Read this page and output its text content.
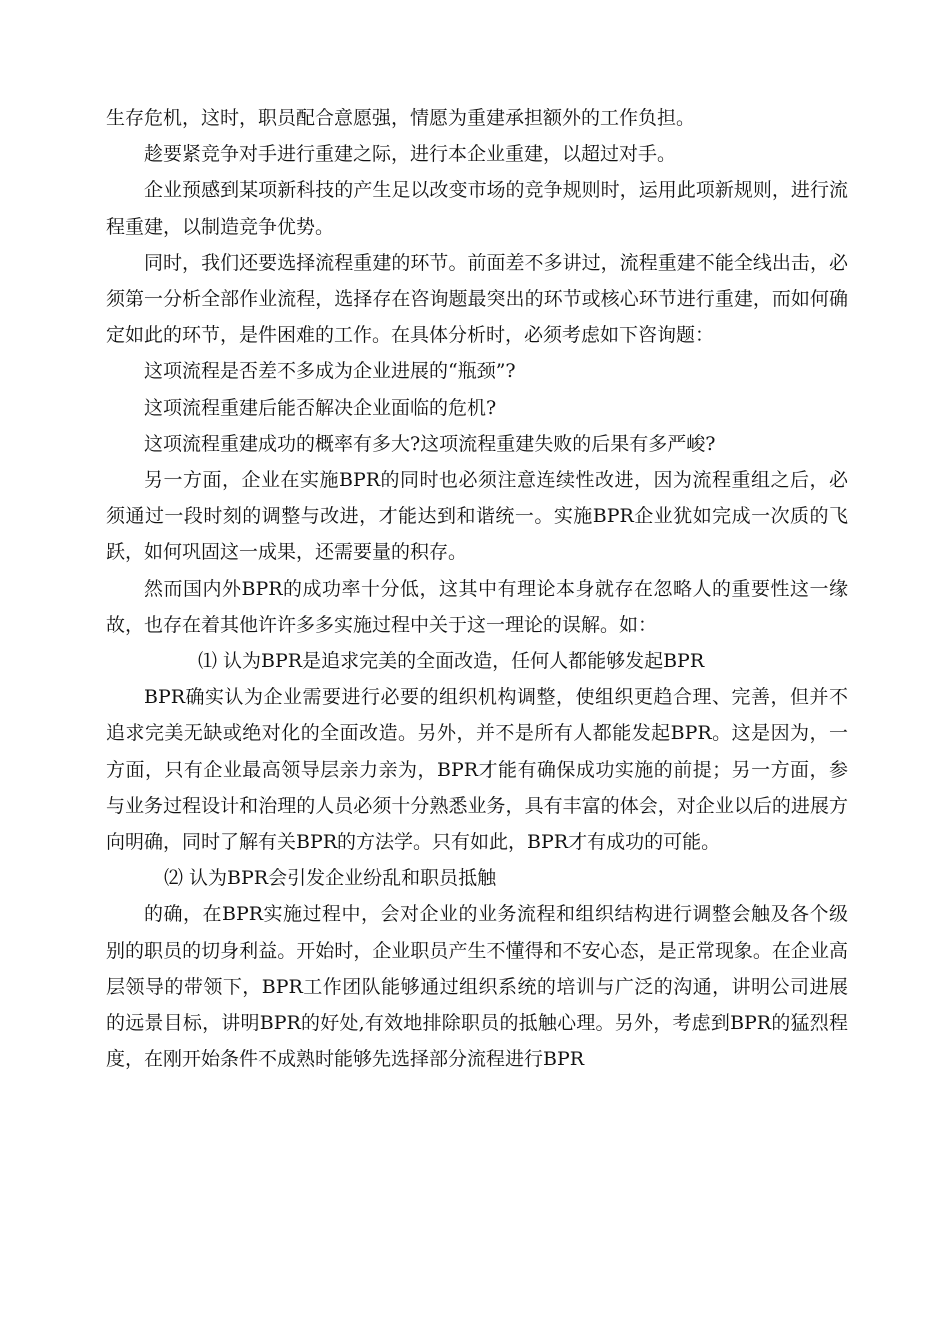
生存危机，这时，职员配合意愿强，情愿为重建承担额外的工作负担。

趁要紧竞争对手进行重建之际，进行本企业重建，以超过对手。

企业预感到某项新科技的产生足以改变市场的竞争规则时，运用此项新规则，进行流程重建，以制造竞争优势。

同时，我们还要选择流程重建的环节。前面差不多讲过，流程重建不能全线出击，必须第一分析全部作业流程，选择存在咨询题最突出的环节或核心环节进行重建，而如何确定如此的环节，是件困难的工作。在具体分析时，必须考虑如下咨询题：

这项流程是否差不多成为企业进展的“瓶颈”?

这项流程重建后能否解决企业面临的危机?

这项流程重建成功的概率有多大?这项流程重建失败的后果有多严峻?

另一方面，企业在实施BPR的同时也必须注意连续性改进，因为流程重组之后，必须通过一段时刻的调整与改进，才能达到和谐统一。实施BPR企业犹如完成一次质的飞跃，如何巩固这一成果，还需要量的积存。

然而国内外BPR的成功率十分低，这其中有理论本身就存在忽略人的重要性这一缘故，也存在着其他许许多多实施过程中关于这一理论的误解。如：

⑴ 认为BPR是追求完美的全面改造，任何人都能够发起BPR

BPR确实认为企业需要进行必要的组织机构调整，使组织更趋合理、完善，但并不追求完美无缺或绝对化的全面改造。另外，并不是所有人都能发起BPR。这是因为，一方面，只有企业最高领导层亲力亲为，BPR才能有确保成功实施的前提；另一方面，参与业务过程设计和治理的人员必须十分熟悉业务，具有丰富的体会，对企业以后的进展方向明确，同时了解有关BPR的方法学。只有如此，BPR才有成功的可能。

⑵ 认为BPR会引发企业纷乱和职员抵触

的确，在BPR实施过程中，会对企业的业务流程和组织结构进行调整会触及各个级别的职员的切身利益。开始时，企业职员产生不懂得和不安心态，是正常现象。在企业高层领导的带领下，BPR工作团队能够通过组织系统的培训与广泛的沟通，讲明公司进展的远景目标，讲明BPR的好处,有效地排除职员的抵触心理。另外，考虑到BPR的猛烈程度，在刚开始条件不成熟时能够先选择部分流程进行BPR
